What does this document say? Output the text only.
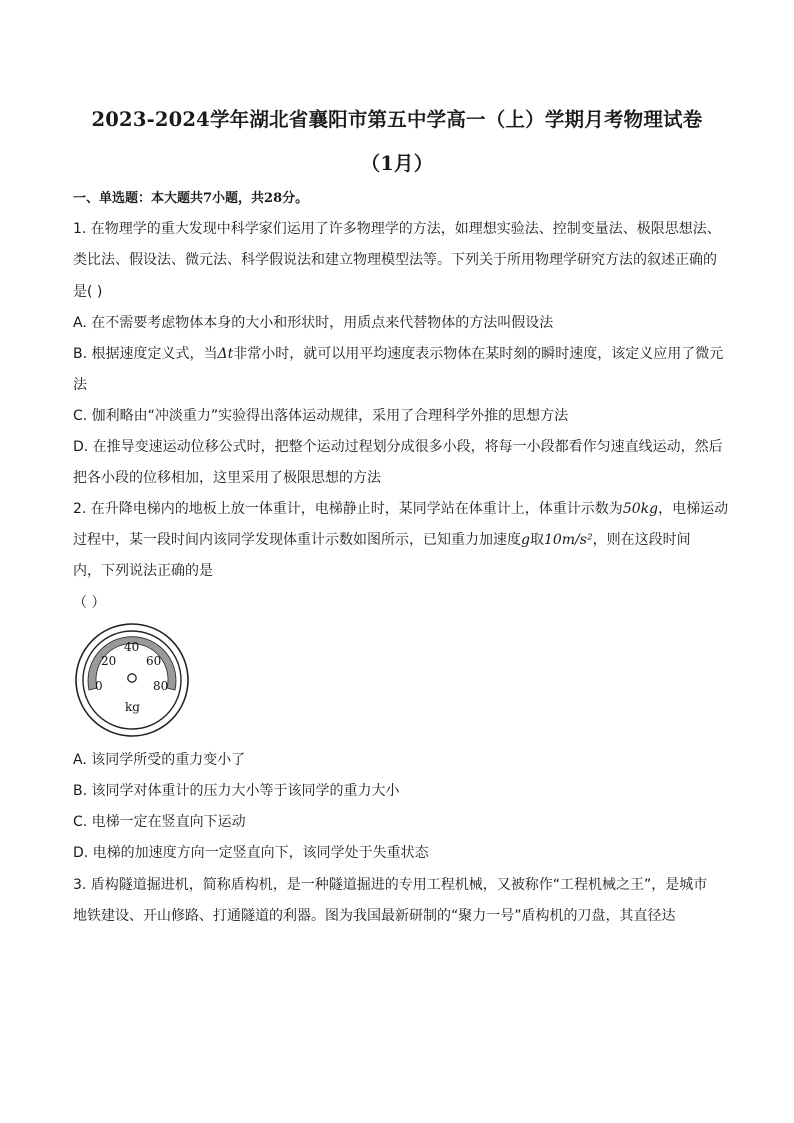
2023-2024学年湖北省襄阳市第五中学高一（上）学期月考物理试卷
（1月）
一、单选题：本大题共7小题，共28分。
1. 在物理学的重大发现中科学家们运用了许多物理学的方法，如理想实验法、控制变量法、极限思想法、
类比法、假设法、微元法、科学假说法和建立物理模型法等。下列关于所用物理学研究方法的叙述正确的
是( )
A. 在不需要考虑物体本身的大小和形状时，用质点来代替物体的方法叫假设法
B. 根据速度定义式，当Δt非常小时，就可以用平均速度表示物体在某时刻的瞬时速度，该定义应用了微元
法
C. 伽利略由“冲淡重力”实验得出落体运动规律，采用了合理科学外推的思想方法
D. 在推导变速运动位移公式时，把整个运动过程划分成很多小段，将每一小段都看作匀速直线运动，然后
把各小段的位移相加，这里采用了极限思想的方法
2. 在升降电梯内的地板上放一体重计，电梯静止时，某同学站在体重计上，体重计示数为50kg，电梯运动
过程中，某一段时间内该同学发现体重计示数如图所示，已知重力加速度g取10m/s²，则在这段时间
内，下列说法正确的是
（ ）
0
20
40
60
80
kg
A. 该同学所受的重力变小了
B. 该同学对体重计的压力大小等于该同学的重力大小
C. 电梯一定在竖直向下运动
D. 电梯的加速度方向一定竖直向下，该同学处于失重状态
3. 盾构隧道掘进机，简称盾构机，是一种隧道掘进的专用工程机械，又被称作“工程机械之王”，是城市
地铁建设、开山修路、打通隧道的利器。图为我国最新研制的“聚力一号”盾构机的刀盘，其直径达
